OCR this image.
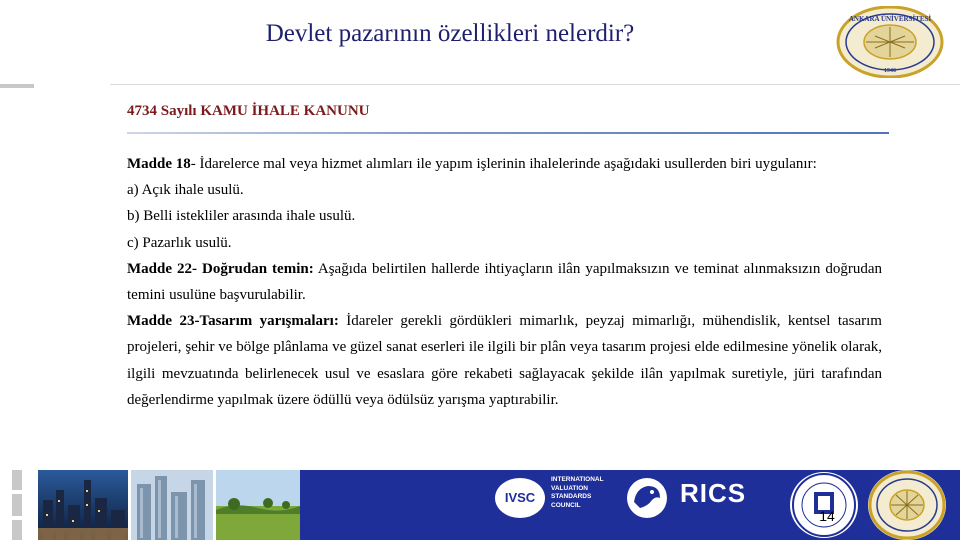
Devlet pazarının özellikleri nelerdir?
ANKARA ÜNİVERSİTESİ
1946
4734 Sayılı KAMU İHALE KANUNU

Madde 18- İdarelerce mal veya hizmet alımları ile yapım işlerinin ihalelerinde aşağıdaki usullerden biri uygulanır:

a) Açık ihale usulü.

b) Belli istekliler arasında ihale usulü.

c) Pazarlık usulü.

Madde 22- Doğrudan temin: Aşağıda belirtilen hallerde ihtiyaçların ilân yapılmaksızın ve teminat alınmaksızın doğrudan temini usulüne başvurulabilir.

Madde 23-Tasarım yarışmaları: İdareler gerekli gördükleri mimarlık, peyzaj mimarlığı, mühendislik, kentsel tasarım projeleri, şehir ve bölge plânlama ve güzel sanat eserleri ile ilgili bir plân veya tasarım projesi elde edilmesine yönelik olarak, ilgili mevzuatında belirlenecek usul ve esaslara göre rekabeti sağlayacak şekilde ilân yapılmak suretiyle, jüri tarafından değerlendirme yapılmak üzere ödüllü veya ödülsüz yarışma yaptırabilir.

IVSC
INTERNATIONAL VALUATION STANDARDS COUNCIL	RICS
14
